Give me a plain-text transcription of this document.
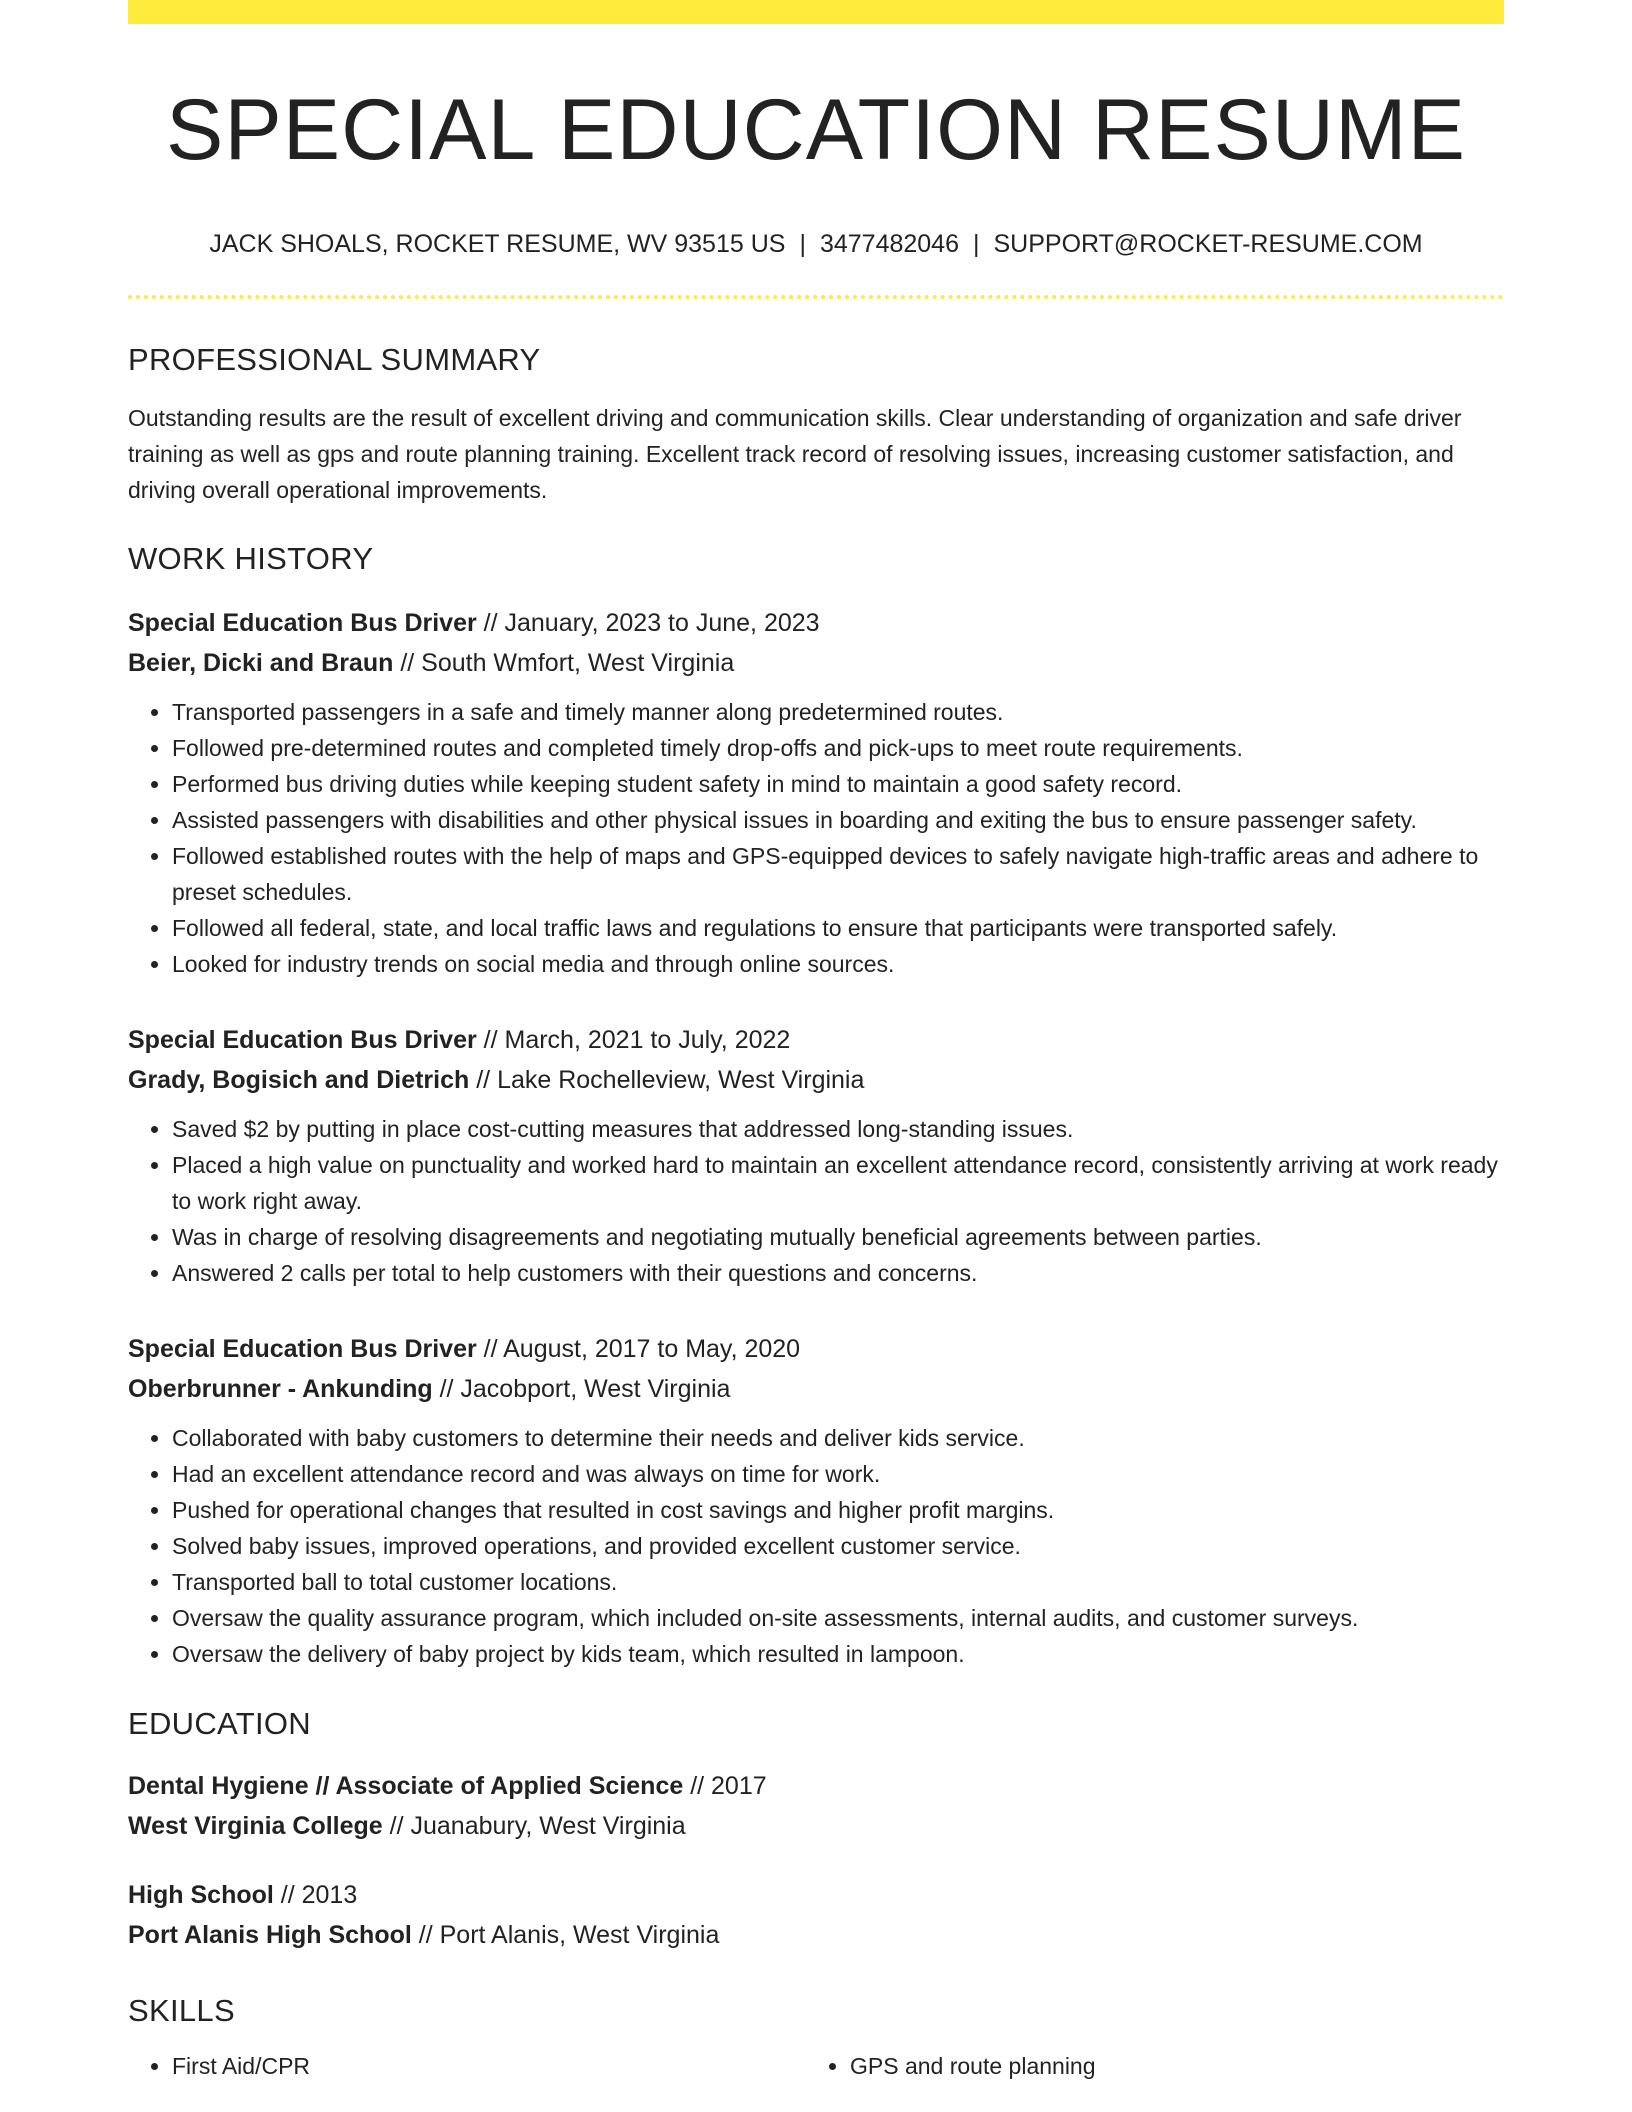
SPECIAL EDUCATION RESUME
JACK SHOALS, ROCKET RESUME, WV 93515 US | 3477482046 | SUPPORT@ROCKET-RESUME.COM
PROFESSIONAL SUMMARY
Outstanding results are the result of excellent driving and communication skills. Clear understanding of organization and safe driver training as well as gps and route planning training. Excellent track record of resolving issues, increasing customer satisfaction, and driving overall operational improvements.
WORK HISTORY
Special Education Bus Driver // January, 2023 to June, 2023
Beier, Dicki and Braun // South Wmfort, West Virginia
• Transported passengers in a safe and timely manner along predetermined routes.
• Followed pre-determined routes and completed timely drop-offs and pick-ups to meet route requirements.
• Performed bus driving duties while keeping student safety in mind to maintain a good safety record.
• Assisted passengers with disabilities and other physical issues in boarding and exiting the bus to ensure passenger safety.
• Followed established routes with the help of maps and GPS-equipped devices to safely navigate high-traffic areas and adhere to preset schedules.
• Followed all federal, state, and local traffic laws and regulations to ensure that participants were transported safely.
• Looked for industry trends on social media and through online sources.
Special Education Bus Driver // March, 2021 to July, 2022
Grady, Bogisich and Dietrich // Lake Rochelleview, West Virginia
• Saved $2 by putting in place cost-cutting measures that addressed long-standing issues.
• Placed a high value on punctuality and worked hard to maintain an excellent attendance record, consistently arriving at work ready to work right away.
• Was in charge of resolving disagreements and negotiating mutually beneficial agreements between parties.
• Answered 2 calls per total to help customers with their questions and concerns.
Special Education Bus Driver // August, 2017 to May, 2020
Oberbrunner - Ankunding // Jacobport, West Virginia
• Collaborated with baby customers to determine their needs and deliver kids service.
• Had an excellent attendance record and was always on time for work.
• Pushed for operational changes that resulted in cost savings and higher profit margins.
• Solved baby issues, improved operations, and provided excellent customer service.
• Transported ball to total customer locations.
• Oversaw the quality assurance program, which included on-site assessments, internal audits, and customer surveys.
• Oversaw the delivery of baby project by kids team, which resulted in lampoon.
EDUCATION
Dental Hygiene // Associate of Applied Science // 2017
West Virginia College // Juanabury, West Virginia
High School // 2013
Port Alanis High School // Port Alanis, West Virginia
SKILLS
• First Aid/CPR
•	GPS and route planning
